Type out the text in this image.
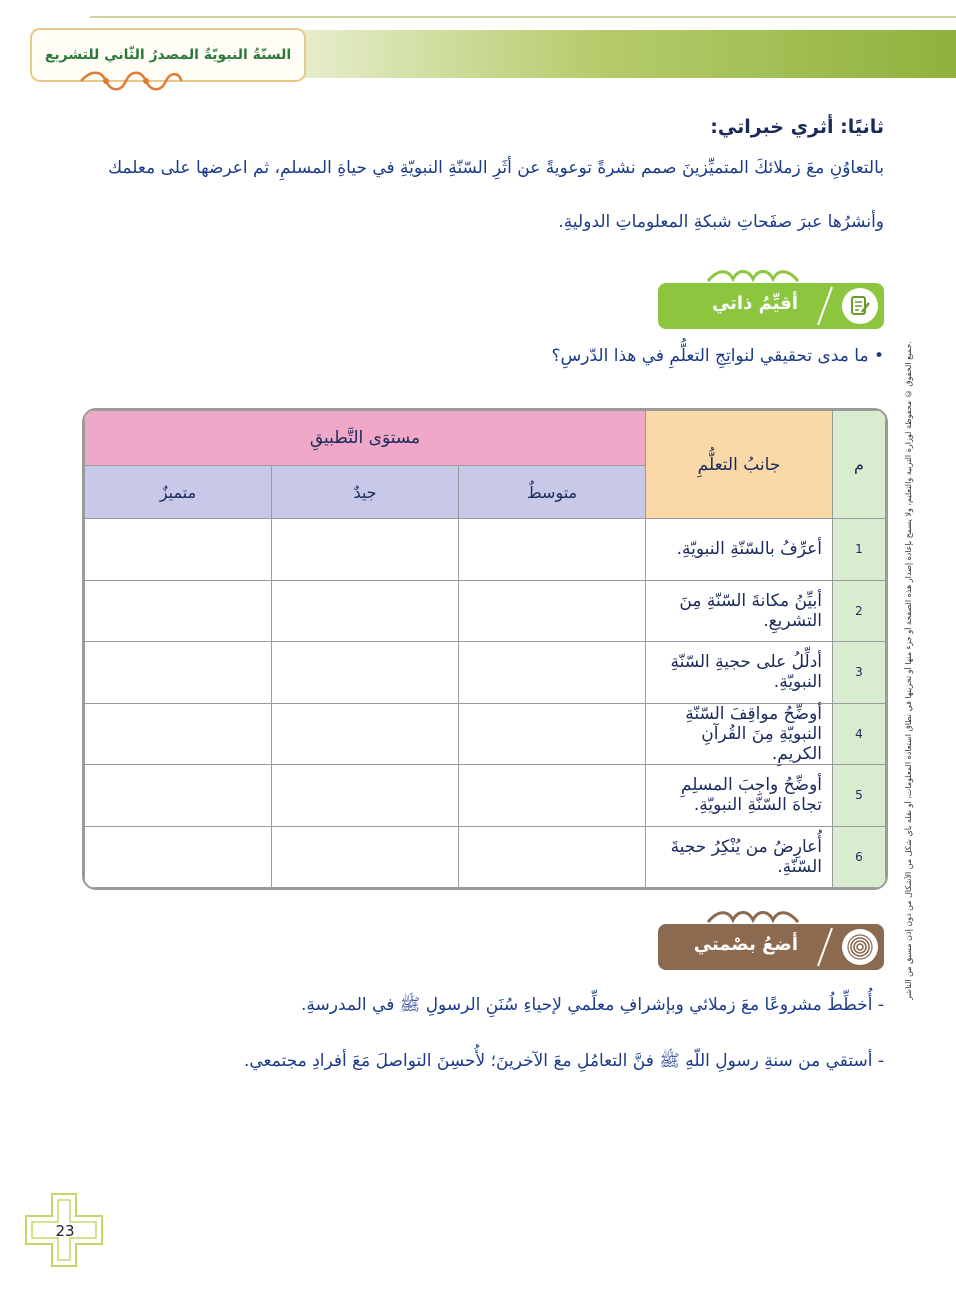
السنّةُ النبويّةُ المصدرُ الثّاني للتشريع
ثانيًا: أثري خبراتي:
بالتعاوُنِ معَ زملائكَ المتميِّزينَ صمم نشرةً توعويةً عن أثَرِ السّنّةِ النبويّةِ في حياةِ المسلمِ، ثم اعرضها على معلمك
وأنشرُها عبرَ صفَحاتِ شبكةِ المعلوماتِ الدوليةِ.
أقيِّمُ ذاتي
• ما مدى تحقيقي لنواتِجِ التعلُّمِ في هذا الدّرسِ؟
م	جانبُ التعلُّمِ	مستوَى التَّطبيقِ		
		متوسطٌ	جيدٌ	متميزٌ
1	أعرِّفُ بالسّنّةِ النبويّةِ.			
2	أبيِّنُ مكانةَ السّنّةِ مِنَ التشريعِ.			
3	أدلِّلُ على حجيةِ السّنّةِ النبويّةِ.			
4	أوضِّحُ مواقِفَ السّنّةِ النبويّةِ مِنَ القُرآنِ الكريمِ.			
5	أوضِّحُ واجِبَ المسلِمِ تجاهَ السّنّةِ النبويّةِ.			
6	أُعارِضُ من يُنْكِرُ حجيةَ السّنّةِ.			
أضعُ بصْمتي
- أُخطِّطُ مشروعًا معَ زملائي وبإشرافِ معلِّمي لإحياءِ سُنَنِ الرسولِ ﷺ في المدرسةِ.
- أستقي من سنةِ رسولِ اللّهِ ﷺ فنَّ التعامُلِ معَ الآخرينَ؛ لأُحسِنَ التواصلَ مَعَ أفرادِ مجتمعي.
جميع الحقوق © محفوظة لوزارة التربية والتعليم، ولا يسمح بإعادة إصدار هذه الصفحة أو جزء منها أو تخزينها في نطاق استعادة المعلومات، أو نقله بأي شكل من الأشكال من دون إذن مسبق من الناشر.
23
